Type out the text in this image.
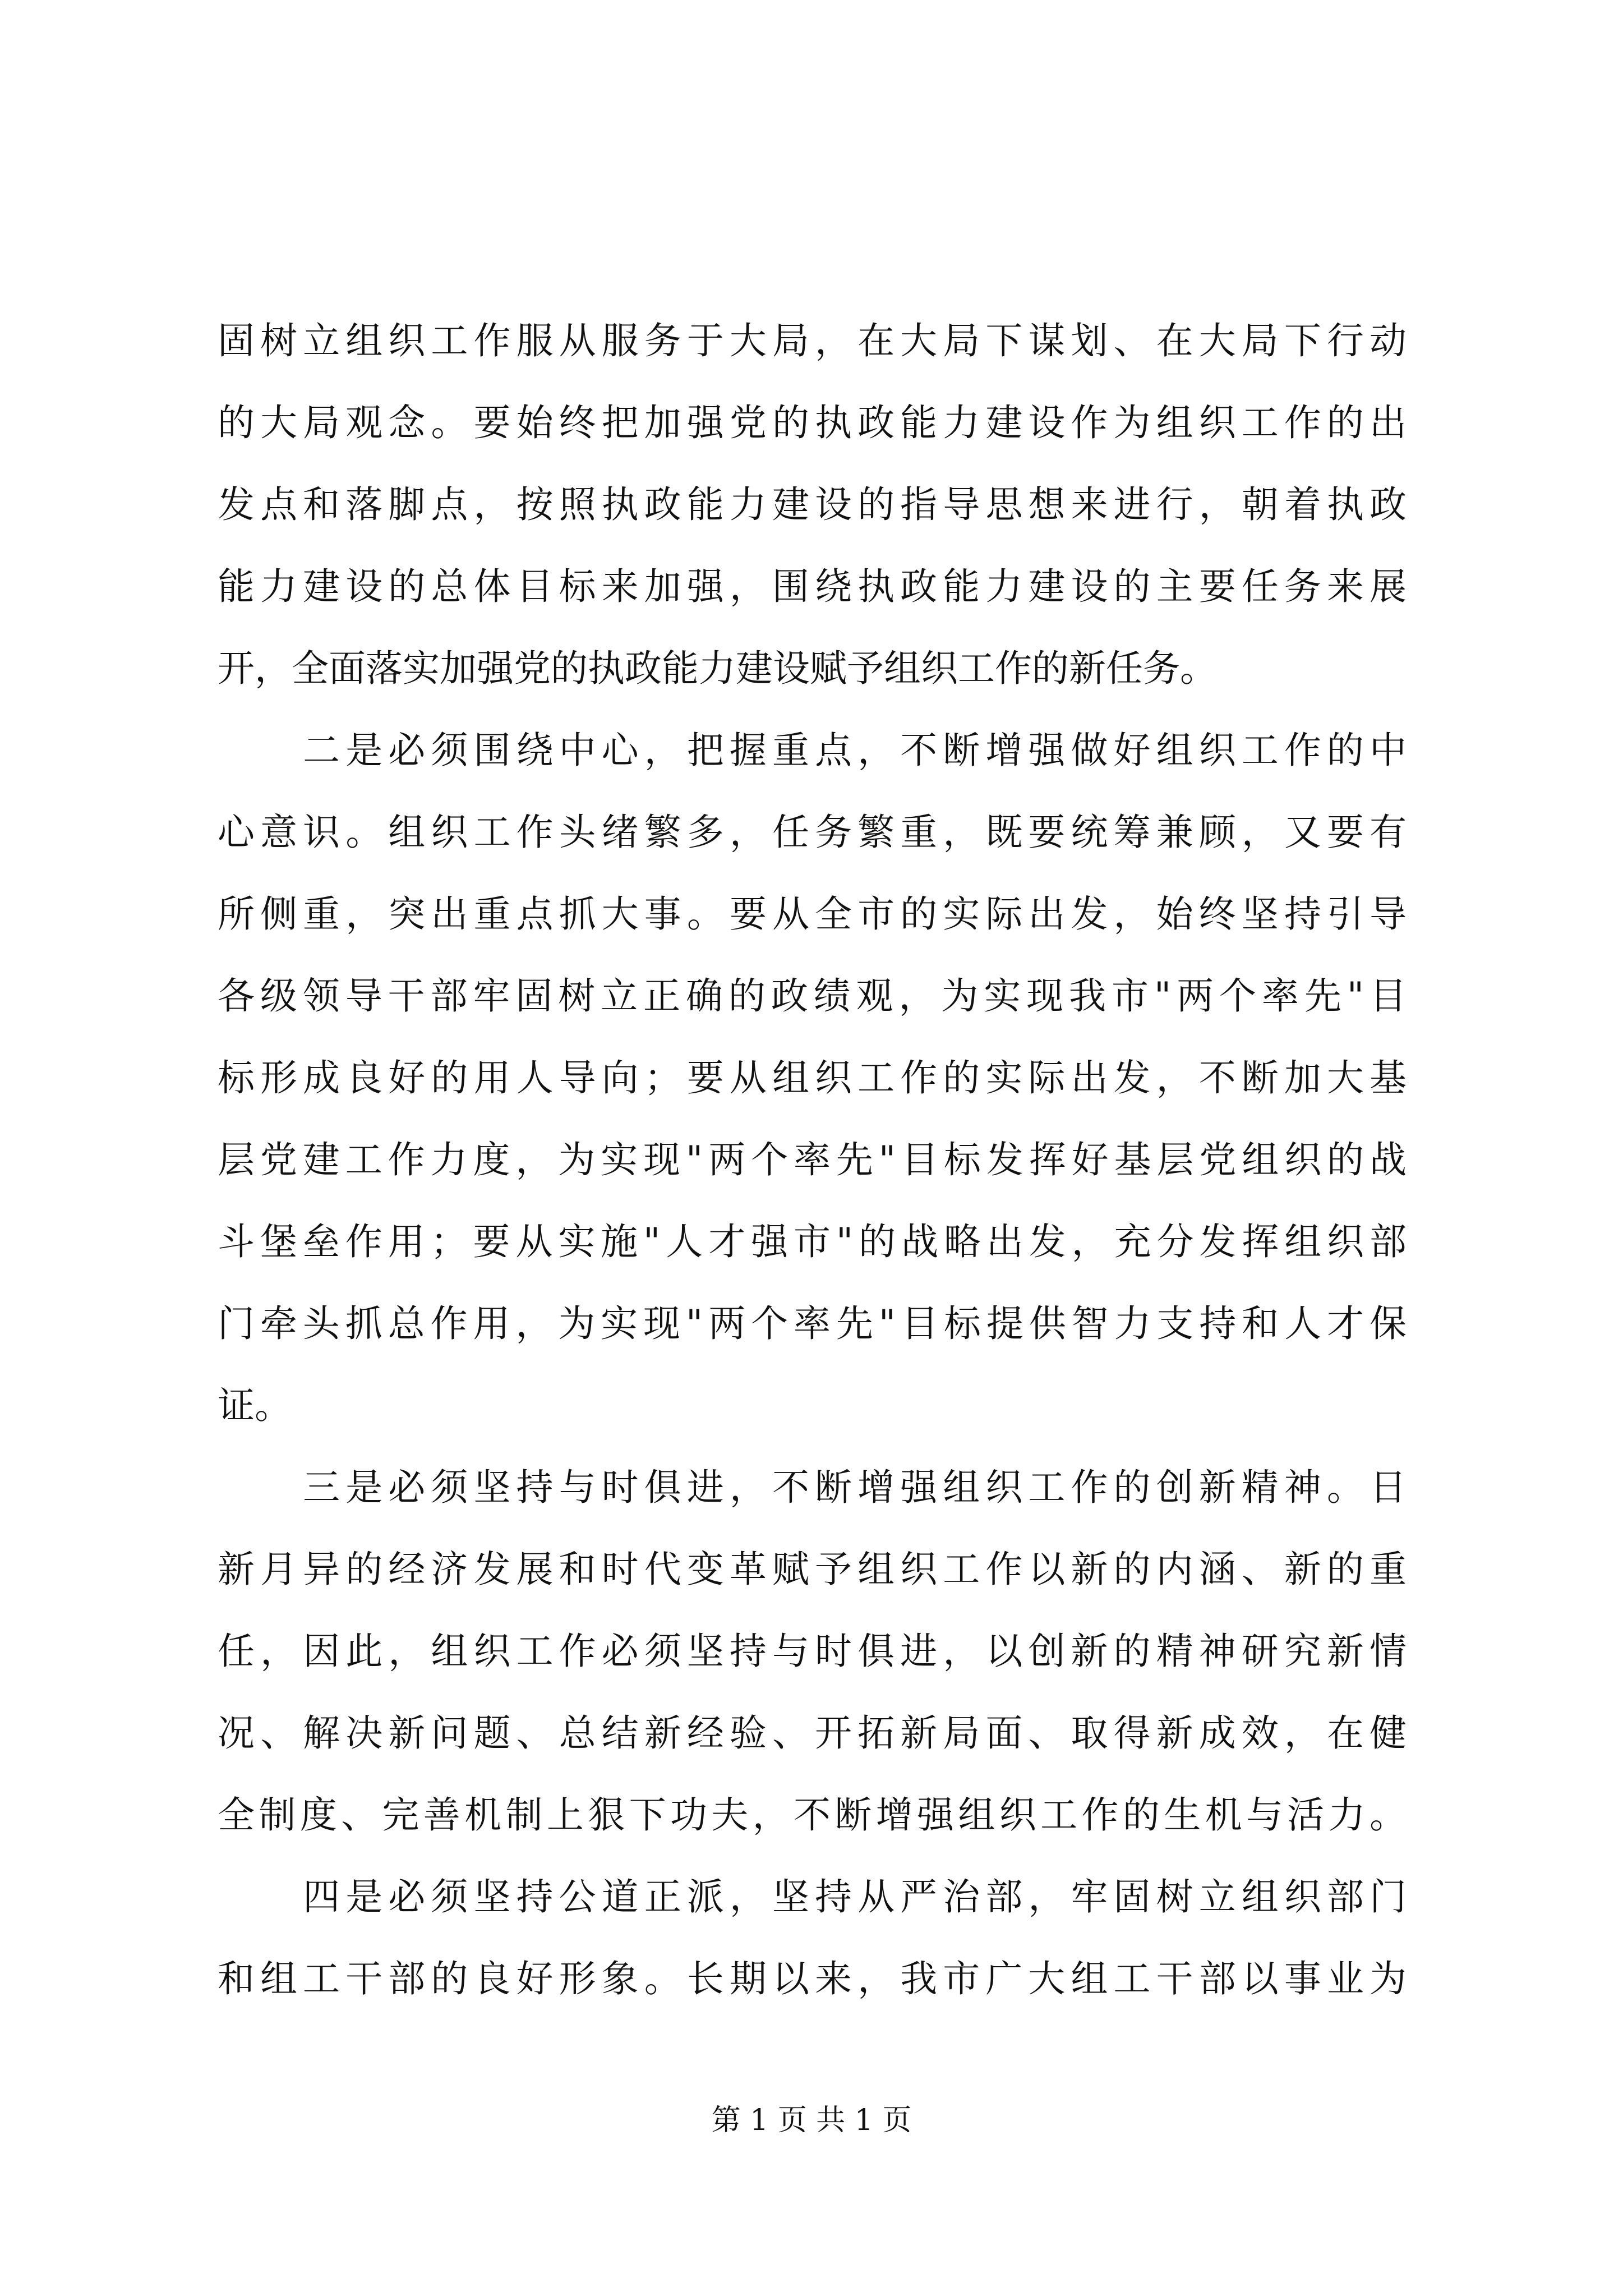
固树立组织工作服从服务于大局，在大局下谋划、在大局下行动
的大局观念。要始终把加强党的执政能力建设作为组织工作的出
发点和落脚点，按照执政能力建设的指导思想来进行，朝着执政
能力建设的总体目标来加强，围绕执政能力建设的主要任务来展
开，全面落实加强党的执政能力建设赋予组织工作的新任务。
　　二是必须围绕中心，把握重点，不断增强做好组织工作的中
心意识。组织工作头绪繁多，任务繁重，既要统筹兼顾，又要有
所侧重，突出重点抓大事。要从全市的实际出发，始终坚持引导
各级领导干部牢固树立正确的政绩观，为实现我市"两个率先"目
标形成良好的用人导向；要从组织工作的实际出发，不断加大基
层党建工作力度，为实现"两个率先"目标发挥好基层党组织的战
斗堡垒作用；要从实施"人才强市"的战略出发，充分发挥组织部
门牵头抓总作用，为实现"两个率先"目标提供智力支持和人才保
证。
　　三是必须坚持与时俱进，不断增强组织工作的创新精神。日
新月异的经济发展和时代变革赋予组织工作以新的内涵、新的重
任，因此，组织工作必须坚持与时俱进，以创新的精神研究新情
况、解决新问题、总结新经验、开拓新局面、取得新成效，在健
全制度、完善机制上狠下功夫，不断增强组织工作的生机与活力。
　　四是必须坚持公道正派，坚持从严治部，牢固树立组织部门
和组工干部的良好形象。长期以来，我市广大组工干部以事业为
第 1 页 共 1 页
